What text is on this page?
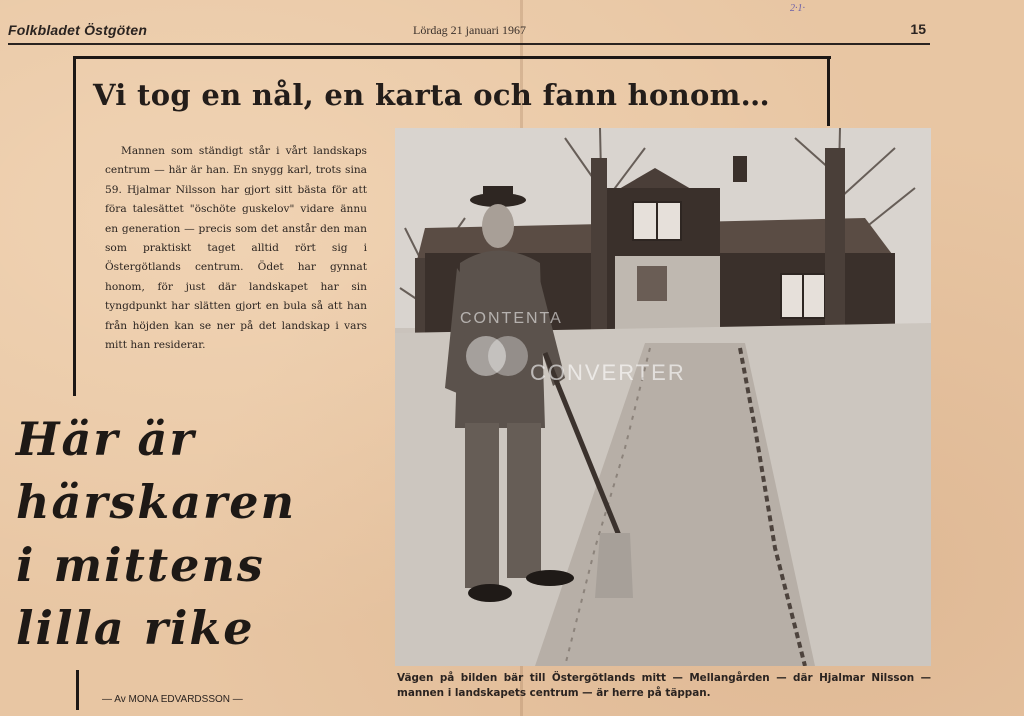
2·1·
Folkbladet Östgöten	Lördag 21 januari 1967	15
Vi tog en nål, en karta och fann honom…

Mannen som ständigt står i vårt landskaps centrum — här är han. En snygg karl, trots sina 59. Hjalmar Nilsson har gjort sitt bästa för att föra talesättet "öschöte guskelov" vidare ännu en generation — precis som det anstår den man som praktiskt taget alltid rört sig i Östergötlands centrum. Ödet har gynnat honom, för just där landskapet har sin tyngdpunkt har slätten gjort en bula så att han från höjden kan se ner på det landskap i vars mitt han residerar.

Här är
härskaren
i mittens
lilla rike
— Av MONA EDVARDSSON —
CONTENTA
CONVERTER
Vägen på bilden bär till Östergötlands mitt — Mellangården — där Hjalmar Nilsson — mannen i landskapets centrum — är herre på täppan.
